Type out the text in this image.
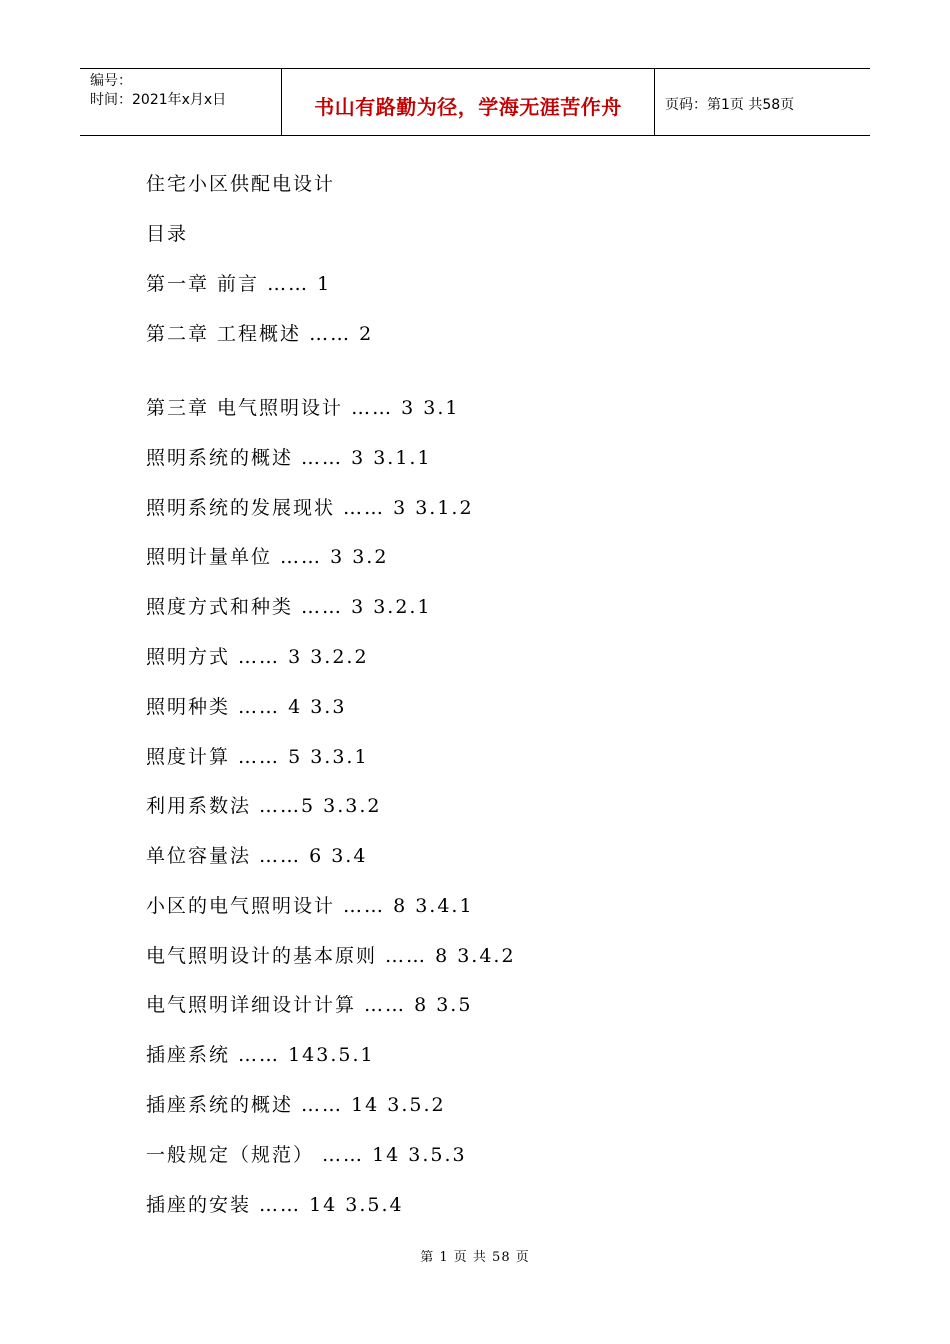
编号：
时间：2021年x月x日	书山有路勤为径，学海无涯苦作舟	页码：第1页 共58页
住宅小区供配电设计
目录
第一章 前言 …… 1
第二章 工程概述 …… 2
第三章 电气照明设计 …… 3 3.1
照明系统的概述 …… 3 3.1.1
照明系统的发展现状 …… 3 3.1.2
照明计量单位 …… 3 3.2
照度方式和种类 …… 3 3.2.1
照明方式 …… 3 3.2.2
照明种类 …… 4 3.3
照度计算 …… 5 3.3.1
利用系数法 ……5 3.3.2
单位容量法 …… 6 3.4
小区的电气照明设计 …… 8 3.4.1
电气照明设计的基本原则 …… 8 3.4.2
电气照明详细设计计算 …… 8 3.5
插座系统 …… 143.5.1
插座系统的概述 …… 14 3.5.2
一般规定（规范） …… 14 3.5.3
插座的安装 …… 14 3.5.4
第 1 页 共 58 页
